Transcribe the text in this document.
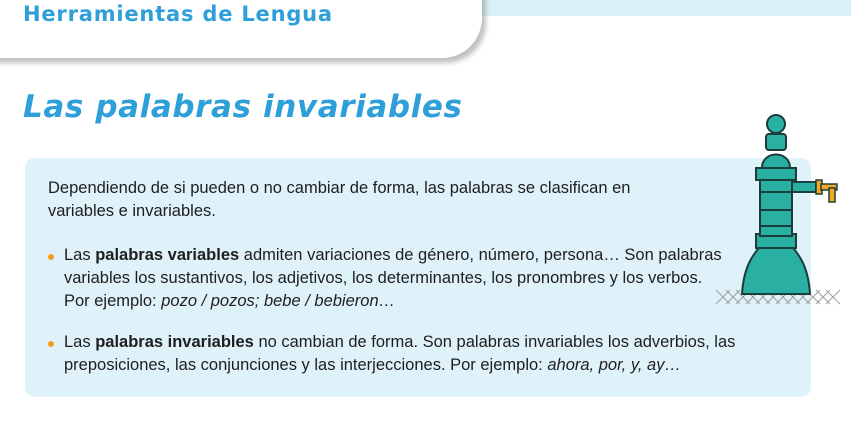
Herramientas de Lengua
Las palabras invariables

Dependiendo de si pueden o no cambiar de forma, las palabras se clasifican en variables e invariables.

Las palabras variables admiten variaciones de género, número, persona… Son palabras variables los sustantivos, los adjetivos, los determinantes, los pronombres y los verbos. Por ejemplo: pozo / pozos; bebe / bebieron…

Las palabras invariables no cambian de forma. Son palabras invariables los adverbios, las preposiciones, las conjunciones y las interjecciones. Por ejemplo: ahora, por, y, ay…
